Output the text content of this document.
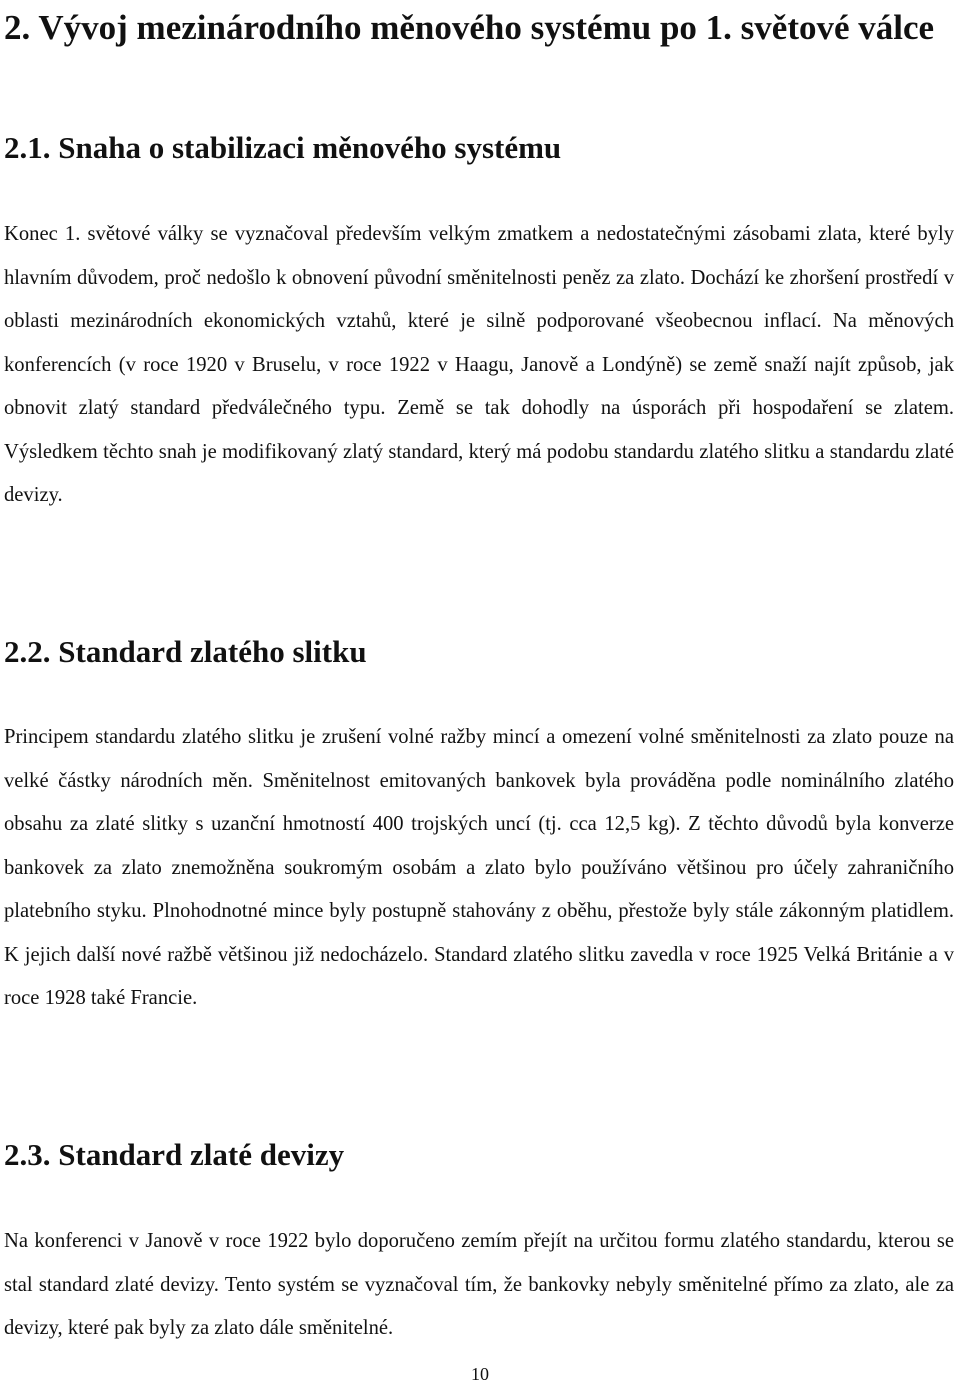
2. Vývoj mezinárodního měnového systému po 1. světové válce
2.1. Snaha o stabilizaci měnového systému

Konec 1. světové války se vyznačoval především velkým zmatkem a nedostatečnými zásobami zlata, které byly hlavním důvodem, proč nedošlo k obnovení původní směnitelnosti peněz za zlato. Dochází ke zhoršení prostředí v oblasti mezinárodních ekonomických vztahů, které je silně podporované všeobecnou inflací. Na měnových konferencích (v roce 1920 v Bruselu, v roce 1922 v Haagu, Janově a Londýně) se země snaží najít způsob, jak obnovit zlatý standard předválečného typu. Země se tak dohodly na úsporách při hospodaření se zlatem. Výsledkem těchto snah je modifikovaný zlatý standard, který má podobu standardu zlatého slitku a standardu zlaté devizy.

2.2. Standard zlatého slitku

Principem standardu zlatého slitku je zrušení volné ražby mincí a omezení volné směnitelnosti za zlato pouze na velké částky národních měn. Směnitelnost emitovaných bankovek byla prováděna podle nominálního zlatého obsahu za zlaté slitky s uzanční hmotností 400 trojských uncí (tj. cca 12,5 kg). Z těchto důvodů byla konverze bankovek za zlato znemožněna soukromým osobám a zlato bylo používáno většinou pro účely zahraničního platebního styku. Plnohodnotné mince byly postupně stahovány z oběhu, přestože byly stále zákonným platidlem. K jejich další nové ražbě většinou již nedocházelo. Standard zlatého slitku zavedla v roce 1925 Velká Británie a v roce 1928 také Francie.

2.3. Standard zlaté devizy

Na konferenci v Janově v roce 1922 bylo doporučeno zemím přejít na určitou formu zlatého standardu, kterou se stal standard zlaté devizy. Tento systém se vyznačoval tím, že bankovky nebyly směnitelné přímo za zlato, ale za devizy, které pak byly za zlato dále směnitelné.

10
